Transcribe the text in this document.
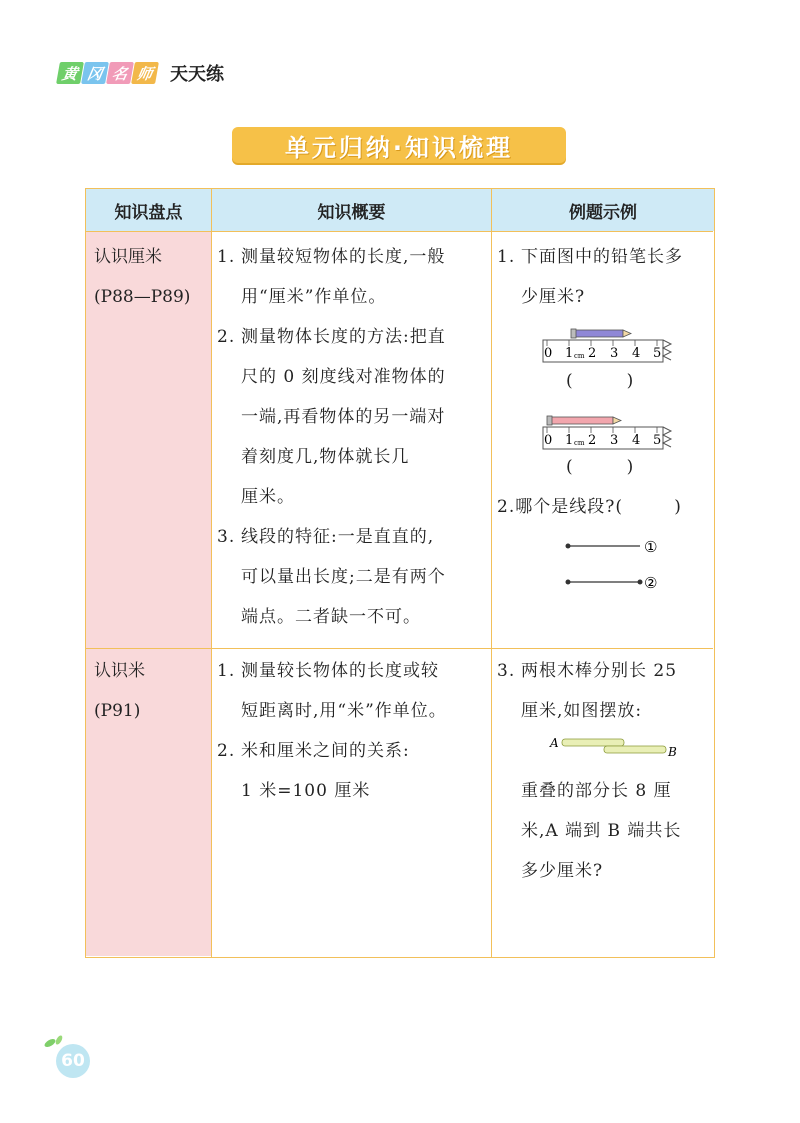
黄 冈 名 师 天天练
单元归纳·知识梳理
知识盘点	知识概要	例题示例
认识厘米
(P88—P89)
1. 测量较短物体的长度,一般
用“厘米”作单位。
2. 测量物体长度的方法:把直
尺的 0 刻度线对准物体的
一端,再看物体的另一端对
着刻度几,物体就长几
厘米。
3. 线段的特征:一是直直的,
可以量出长度;二是有两个
端点。二者缺一不可。
1. 下面图中的铅笔长多
少厘米?
0 1 cm 2 3 4 5
(          )
0 1 cm 2 3 4 5
(          )
2.哪个是线段?(        )
①
②
认识米
(P91)
1. 测量较长物体的长度或较
短距离时,用“米”作单位。
2. 米和厘米之间的关系:
1 米=100 厘米
3. 两根木棒分别长 25
厘米,如图摆放:
重叠的部分长 8 厘
米,A 端到 B 端共长
多少厘米?
A
B
60
